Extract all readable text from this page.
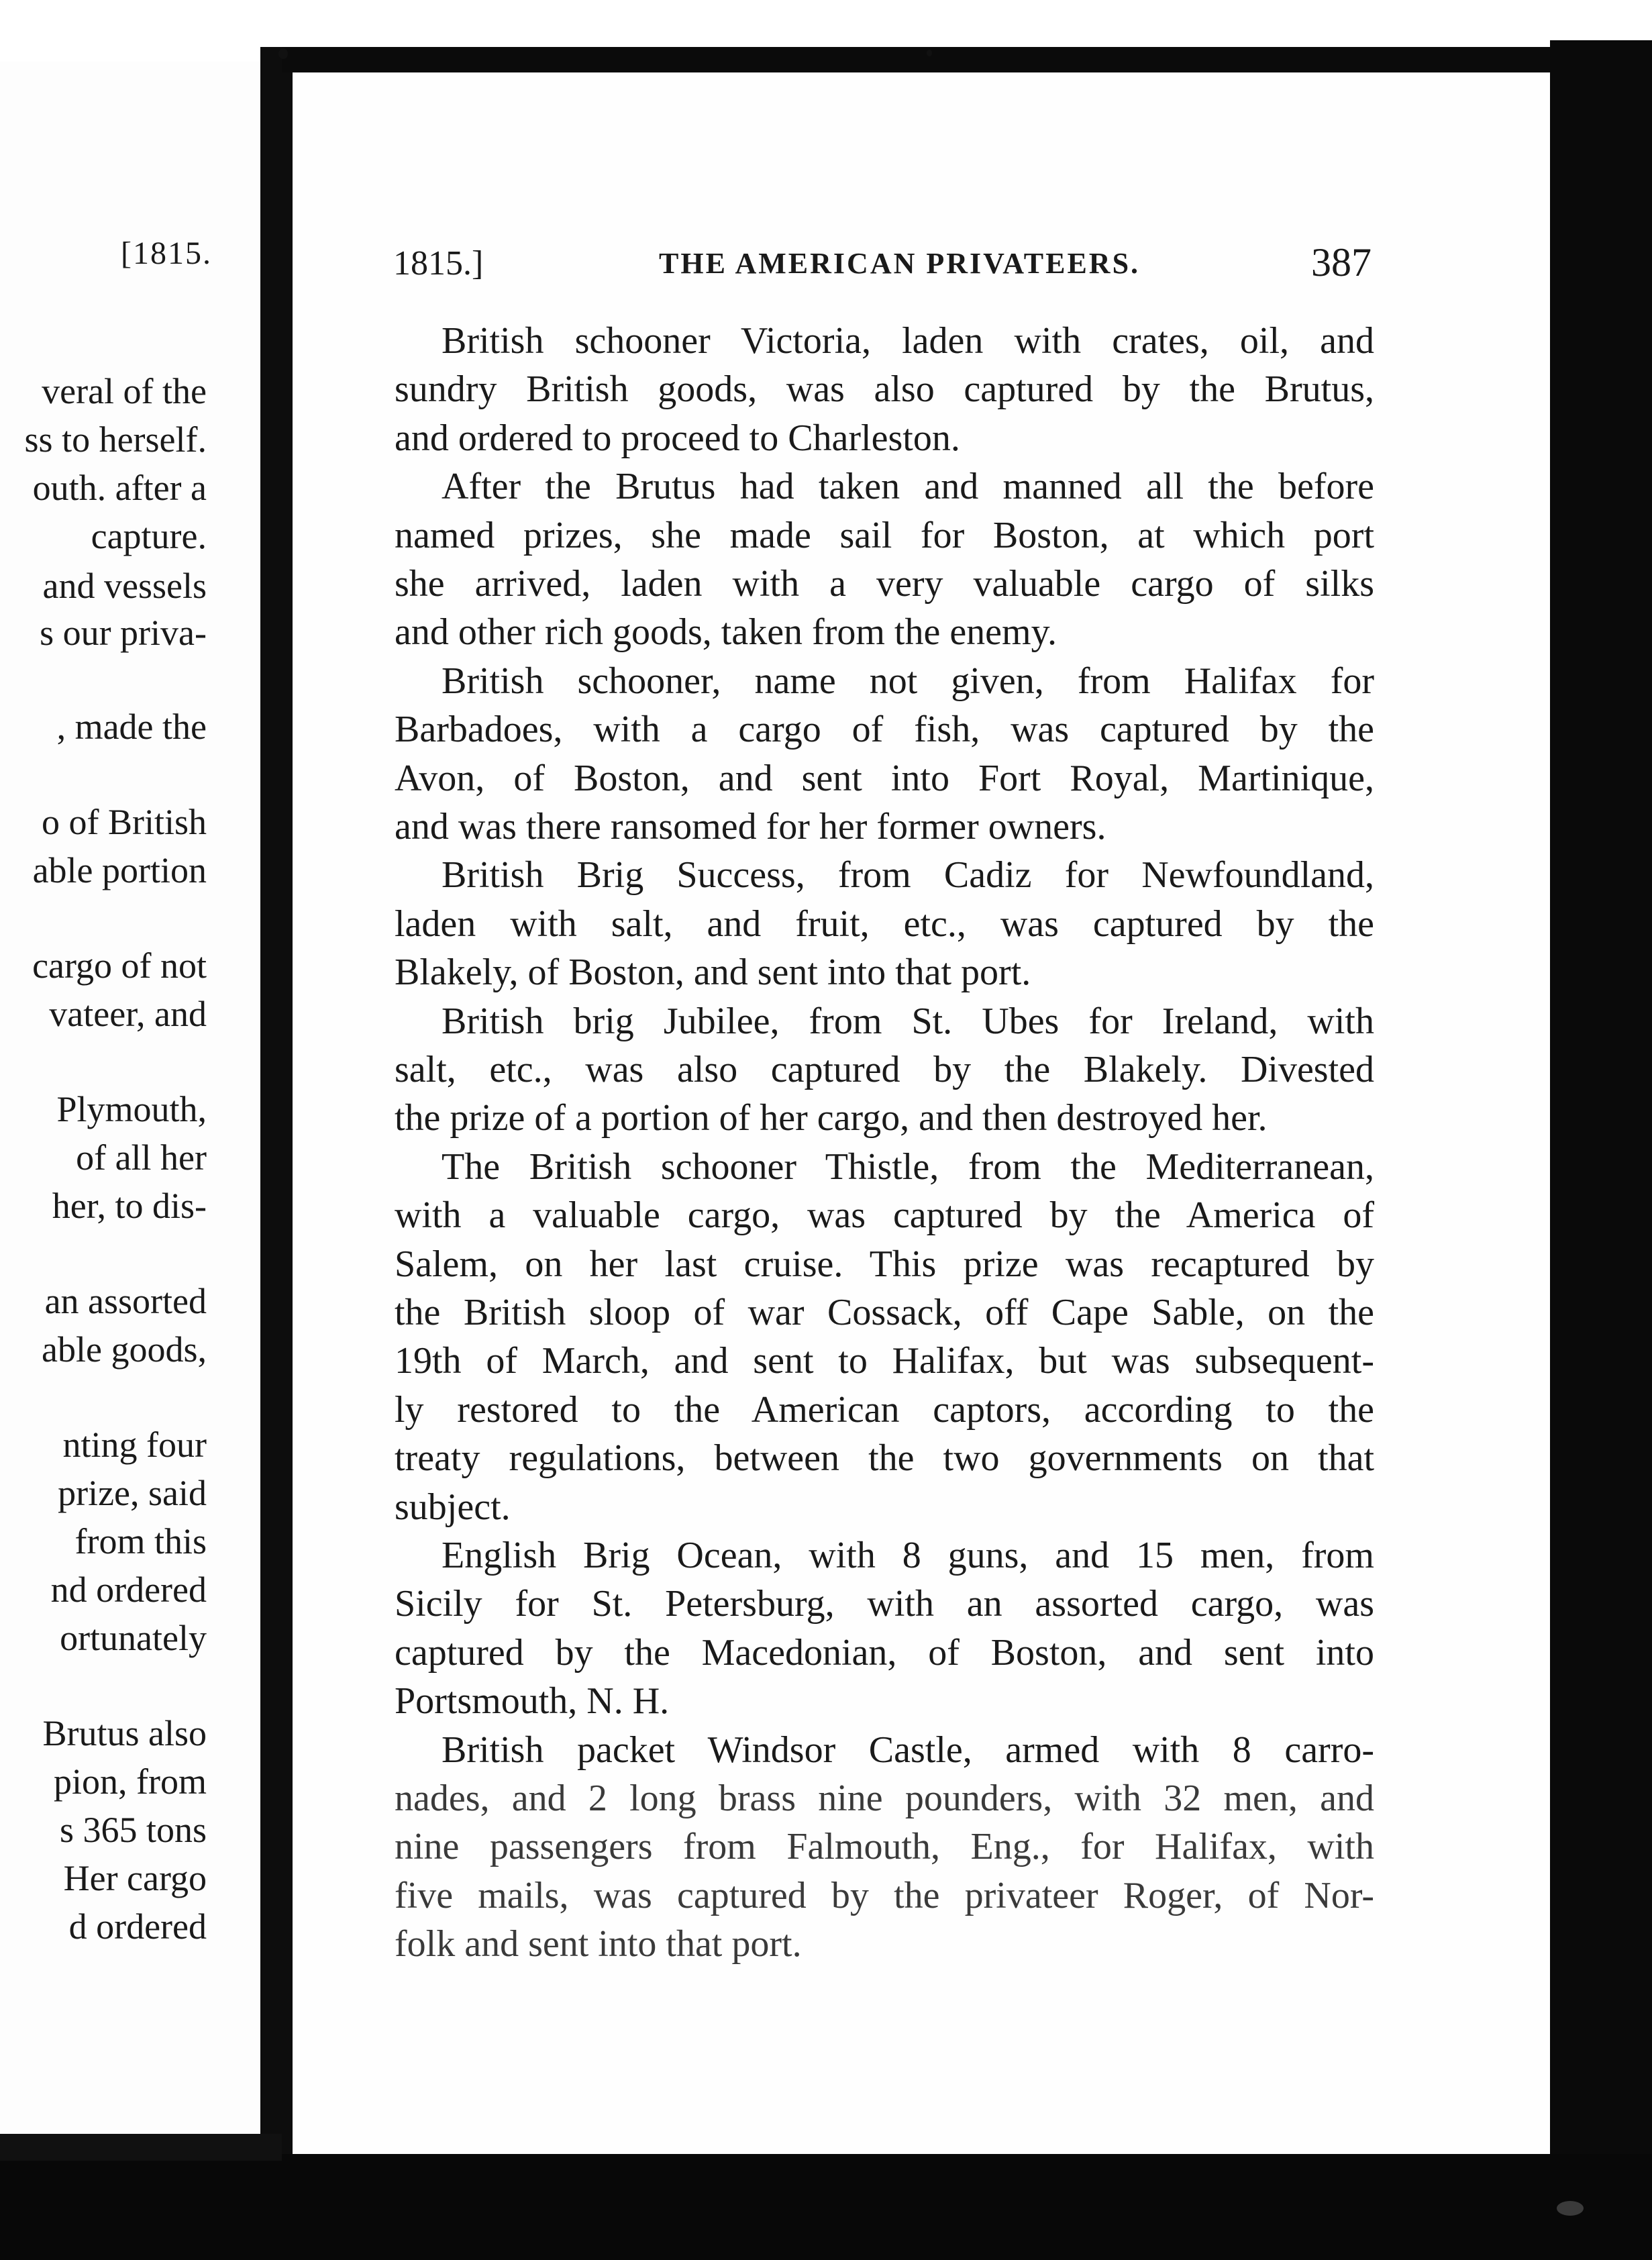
[1815.
veral of the
ss to herself.
outh. after a
capture.
and vessels
s our priva-
, made the
o of British
able portion
cargo of not
vateer, and
Plymouth,
of all her
her, to dis-
an assorted
able goods,
nting four
prize, said
from this
nd ordered
ortunately
Brutus also
pion, from
s 365 tons
Her cargo
d ordered
1815.]	THE AMERICAN PRIVATEERS.	387
British schooner Victoria, laden with crates, oil, and
sundry British goods, was also captured by the Brutus,
and ordered to proceed to Charleston.
After the Brutus had taken and manned all the before
named prizes, she made sail for Boston, at which port
she arrived, laden with a very valuable cargo of silks
and other rich goods, taken from the enemy.
British schooner, name not given, from Halifax for
Barbadoes, with a cargo of fish, was captured by the
Avon, of Boston, and sent into Fort Royal, Martinique,
and was there ransomed for her former owners.
British Brig Success, from Cadiz for Newfoundland,
laden with salt, and fruit, etc., was captured by the
Blakely, of Boston, and sent into that port.
British brig Jubilee, from St. Ubes for Ireland, with
salt, etc., was also captured by the Blakely. Divested
the prize of a portion of her cargo, and then destroyed her.
The British schooner Thistle, from the Mediterranean,
with a valuable cargo, was captured by the America of
Salem, on her last cruise. This prize was recaptured by
the British sloop of war Cossack, off Cape Sable, on the
19th of March, and sent to Halifax, but was subsequent-
ly restored to the American captors, according to the
treaty regulations, between the two governments on that
subject.
English Brig Ocean, with 8 guns, and 15 men, from
Sicily for St. Petersburg, with an assorted cargo, was
captured by the Macedonian, of Boston, and sent into
Portsmouth, N. H.
British packet Windsor Castle, armed with 8 carro-
nades, and 2 long brass nine pounders, with 32 men, and
nine passengers from Falmouth, Eng., for Halifax, with
five mails, was captured by the privateer Roger, of Nor-
folk and sent into that port.
